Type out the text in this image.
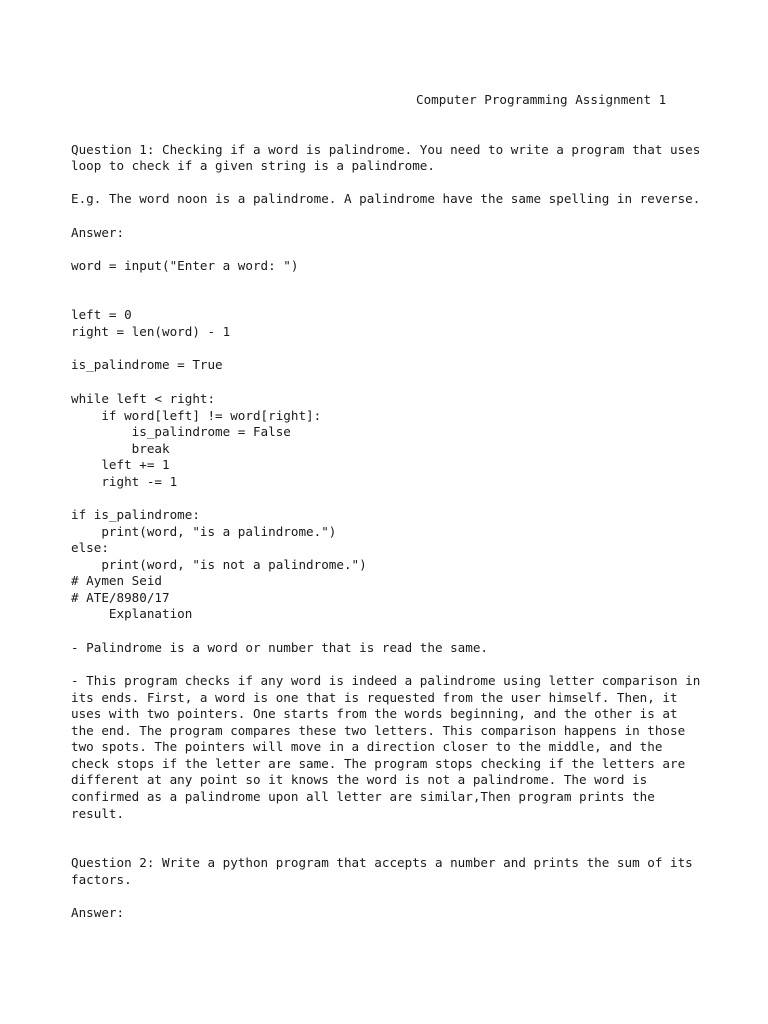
Computer Programming Assignment 1
Question 1: Checking if a word is palindrome. You need to write a program that uses
loop to check if a given string is a palindrome.
E.g. The word noon is a palindrome. A palindrome have the same spelling in reverse.
Answer:
word = input("Enter a word: ")
left = 0
right = len(word) - 1
is_palindrome = True
while left < right:
if word[left] != word[right]:
is_palindrome = False
break
left += 1
right -= 1
if is_palindrome:
print(word, "is a palindrome.")
else:
print(word, "is not a palindrome.")
# Aymen Seid
# ATE/8980/17
Explanation
- Palindrome is a word or number that is read the same.
- This program checks if any word is indeed a palindrome using letter comparison in
its ends. First, a word is one that is requested from the user himself. Then, it
uses with two pointers. One starts from the words beginning, and the other is at
the end. The program compares these two letters. This comparison happens in those
two spots. The pointers will move in a direction closer to the middle, and the
check stops if the letter are same. The program stops checking if the letters are
different at any point so it knows the word is not a palindrome. The word is
confirmed as a palindrome upon all letter are similar,Then program prints the
result.
Question 2: Write a python program that accepts a number and prints the sum of its
factors.
Answer:
